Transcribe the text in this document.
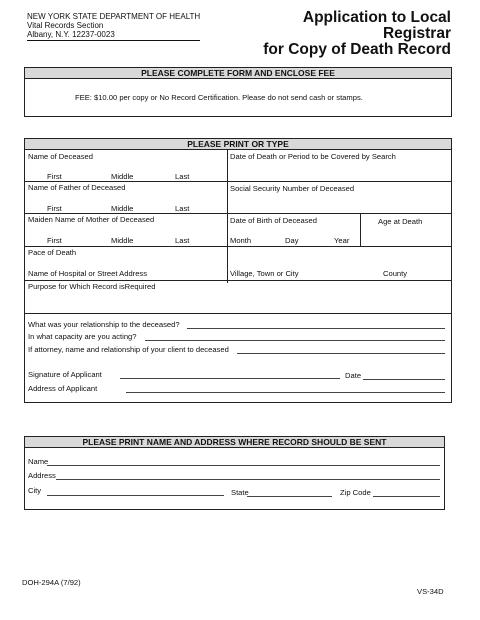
NEW YORK STATE DEPARTMENT OF HEALTH
Vital Records Section
Albany, N.Y. 12237-0023
Application to Local Registrar
for Copy of Death Record
PLEASE COMPLETE FORM AND ENCLOSE FEE
FEE: $10.00 per copy or No Record Certification. Please do not send cash or stamps.
PLEASE PRINT OR TYPE
Name of Deceased
First	Middle	Last
Date of Death or Period to be Covered by Search
Name of Father of Deceased
First	Middle	Last
Social Security Number of Deceased
Maiden Name of Mother of Deceased
First	Middle	Last
Date of Birth of Deceased	Age at Death
Month	Day	Year
Pace of Death
Name of Hospital or Street Address	Village, Town or City	County
Purpose for Which Record isRequired
What was your relationship to the deceased?
In what capacity are you acting?
If attorney, name and relationship of your client to deceased
Signature of Applicant	Date
Address of Applicant
PLEASE PRINT NAME AND ADDRESS WHERE RECORD SHOULD BE SENT
Name
Address
City	State	Zip Code
DOH-294A (7/92)
VS-34D
